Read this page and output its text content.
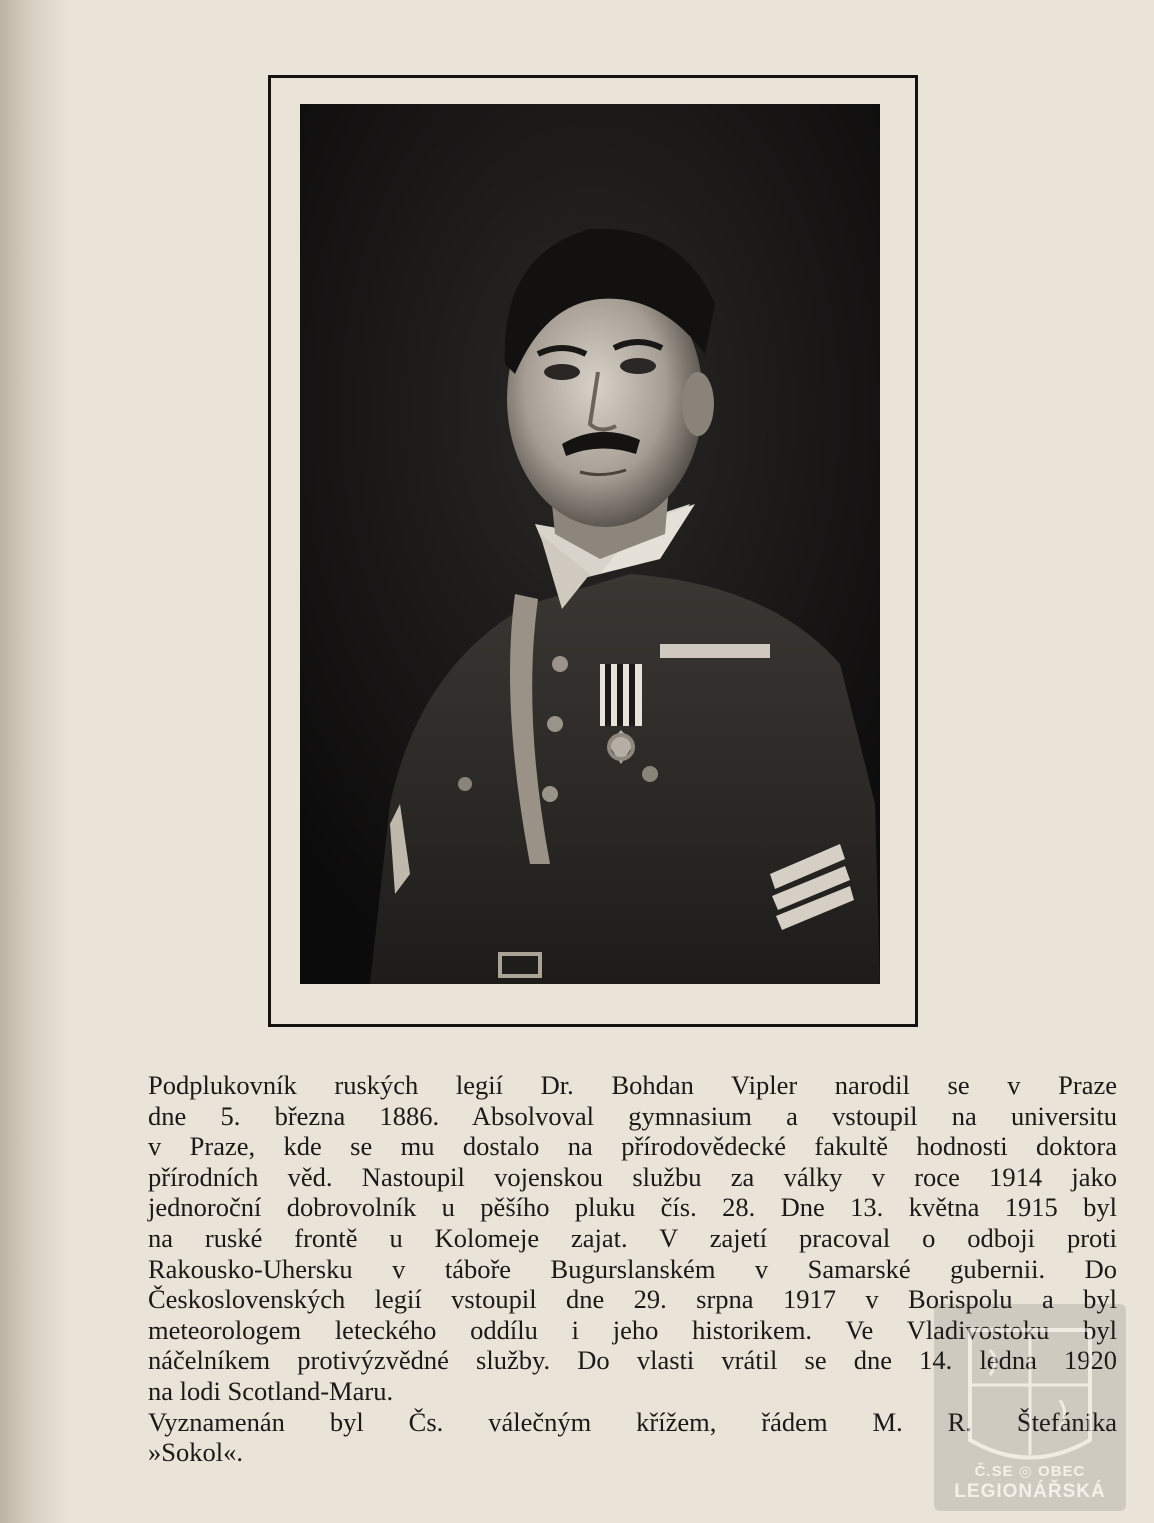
Podplukovník ruských legií Dr. Bohdan Vipler narodil se v Praze
dne 5. března 1886. Absolvoval gymnasium a vstoupil na universitu
v Praze, kde se mu dostalo na přírodovědecké fakultě hodnosti doktora
přírodních věd. Nastoupil vojenskou službu za války v roce 1914 jako
jednoroční dobrovolník u pěšího pluku čís. 28. Dne 13. května 1915 byl
na ruské frontě u Kolomeje zajat. V zajetí pracoval o odboji proti
Rakousko-Uhersku v táboře Bugurslanském v Samarské gubernii. Do
Československých legií vstoupil dne 29. srpna 1917 v Borispolu a byl
meteorologem leteckého oddílu i jeho historikem. Ve Vladivostoku byl
náčelníkem protivýzvědné služby. Do vlasti vrátil se dne 14. ledna 1920
na lodi Scotland-Maru.

Vyznamenán byl Čs. válečným křížem, řádem M. R. Štefánika
»Sokol«.

Č.SE ◎ OBEC
LEGIONÁŘSKÁ
